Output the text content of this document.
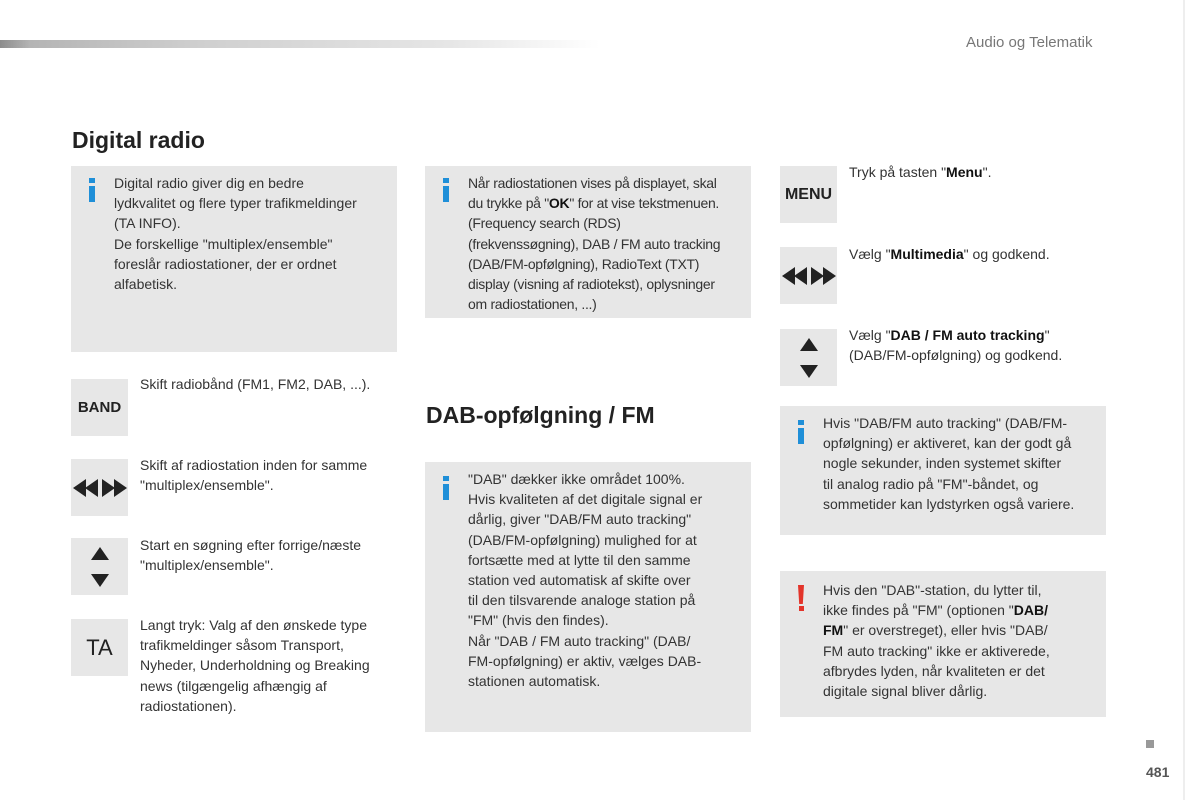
Audio og Telematik
Digital radio
Digital radio giver dig en bedre
lydkvalitet og flere typer trafikmeldinger
(TA INFO).
De forskellige "multiplex/ensemble"
foreslår radiostationer, der er ordnet
alfabetisk.
BAND
Skift radiobånd (FM1, FM2, DAB, ...).
Skift af radiostation inden for samme
"multiplex/ensemble".
Start en søgning efter forrige/næste
"multiplex/ensemble".
TA
Langt tryk: Valg af den ønskede type
trafikmeldinger såsom Transport,
Nyheder, Underholdning og Breaking
news (tilgængelig afhængig af
radiostationen).
Når radiostationen vises på displayet, skal
du trykke på "OK" for at vise tekstmenuen.
(Frequency search (RDS)
(frekvenssøgning), DAB / FM auto tracking
(DAB/FM-opfølgning), RadioText (TXT)
display (visning af radiotekst), oplysninger
om radiostationen, ...)
DAB-opfølgning / FM
"DAB" dækker ikke området 100%.
Hvis kvaliteten af det digitale signal er
dårlig, giver "DAB/FM auto tracking"
(DAB/FM-opfølgning) mulighed for at
fortsætte med at lytte til den samme
station ved automatisk af skifte over
til den tilsvarende analoge station på
"FM" (hvis den findes).
Når "DAB / FM auto tracking" (DAB/
FM-opfølgning) er aktiv, vælges DAB-
stationen automatisk.
MENU
Tryk på tasten "Menu".
Vælg "Multimedia" og godkend.
Vælg "DAB / FM auto tracking"
(DAB/FM-opfølgning) og godkend.
Hvis "DAB/FM auto tracking" (DAB/FM-
opfølgning) er aktiveret, kan der godt gå
nogle sekunder, inden systemet skifter
til analog radio på "FM"-båndet, og
sommetider kan lydstyrken også variere.
Hvis den "DAB"-station, du lytter til,
ikke findes på "FM" (optionen "DAB/
FM" er overstreget), eller hvis "DAB/
FM auto tracking" ikke er aktiverede,
afbrydes lyden, når kvaliteten er det
digitale signal bliver dårlig.
481
